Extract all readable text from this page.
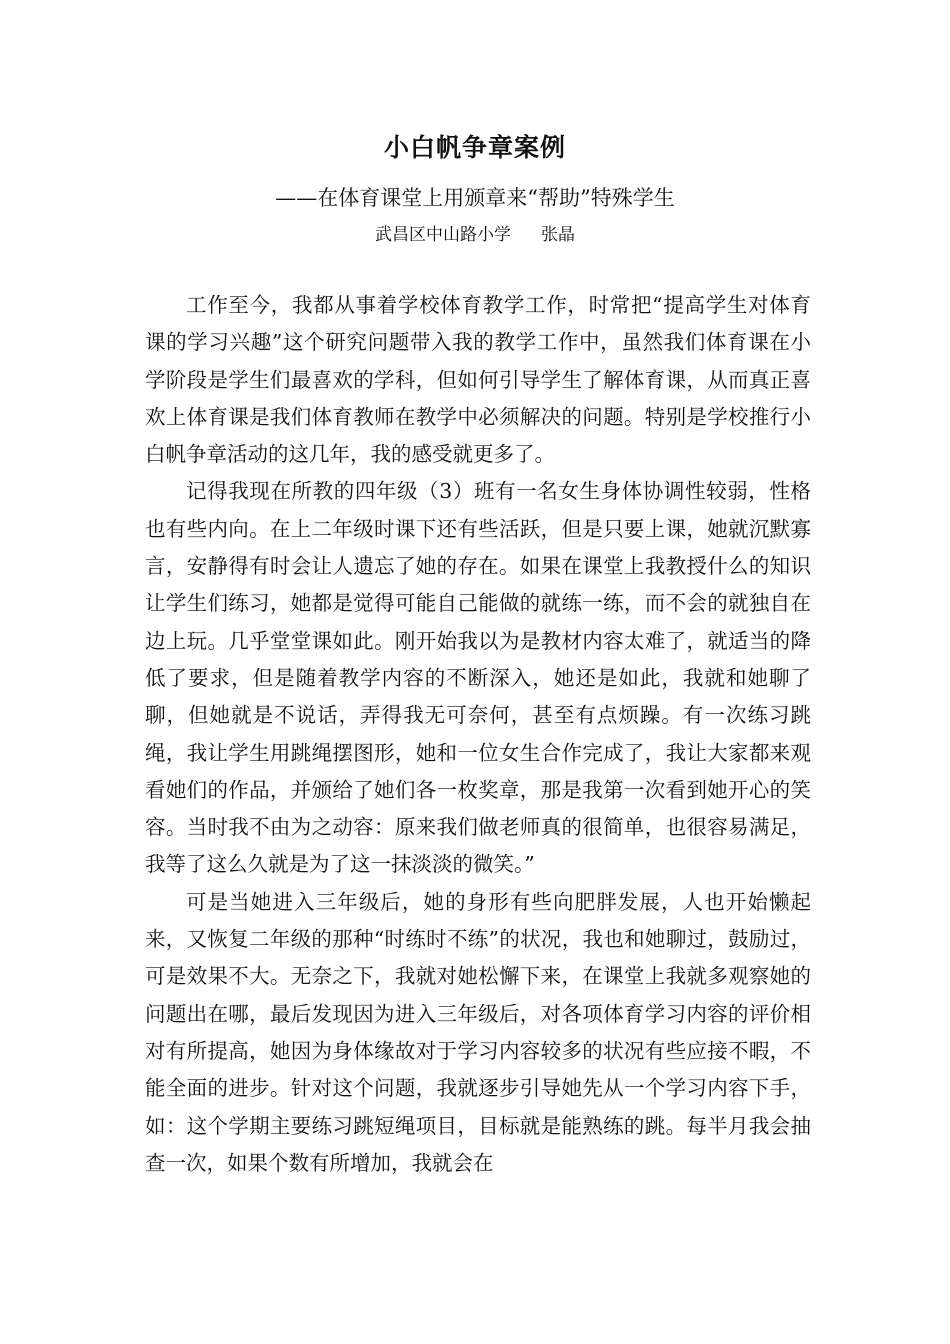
小白帆争章案例
——在体育课堂上用颁章来“帮助”特殊学生
武昌区中山路小学 张晶

工作至今，我都从事着学校体育教学工作，时常把“提高学生对体育课的学习兴趣”这个研究问题带入我的教学工作中，虽然我们体育课在小学阶段是学生们最喜欢的学科，但如何引导学生了解体育课，从而真正喜欢上体育课是我们体育教师在教学中必须解决的问题。特别是学校推行小白帆争章活动的这几年，我的感受就更多了。

记得我现在所教的四年级（3）班有一名女生身体协调性较弱，性格也有些内向。在上二年级时课下还有些活跃，但是只要上课，她就沉默寡言，安静得有时会让人遗忘了她的存在。如果在课堂上我教授什么的知识让学生们练习，她都是觉得可能自己能做的就练一练，而不会的就独自在边上玩。几乎堂堂课如此。刚开始我以为是教材内容太难了，就适当的降低了要求，但是随着教学内容的不断深入，她还是如此，我就和她聊了聊，但她就是不说话，弄得我无可奈何，甚至有点烦躁。有一次练习跳绳，我让学生用跳绳摆图形，她和一位女生合作完成了，我让大家都来观看她们的作品，并颁给了她们各一枚奖章，那是我第一次看到她开心的笑容。当时我不由为之动容：原来我们做老师真的很简单，也很容易满足，我等了这么久就是为了这一抹淡淡的微笑。”

可是当她进入三年级后，她的身形有些向肥胖发展，人也开始懒起来，又恢复二年级的那种“时练时不练”的状况，我也和她聊过，鼓励过，可是效果不大。无奈之下，我就对她松懈下来，在课堂上我就多观察她的问题出在哪，最后发现因为进入三年级后，对各项体育学习内容的评价相对有所提高，她因为身体缘故对于学习内容较多的状况有些应接不暇，不能全面的进步。针对这个问题，我就逐步引导她先从一个学习内容下手，如：这个学期主要练习跳短绳项目，目标就是能熟练的跳。每半月我会抽查一次，如果个数有所增加，我就会在
